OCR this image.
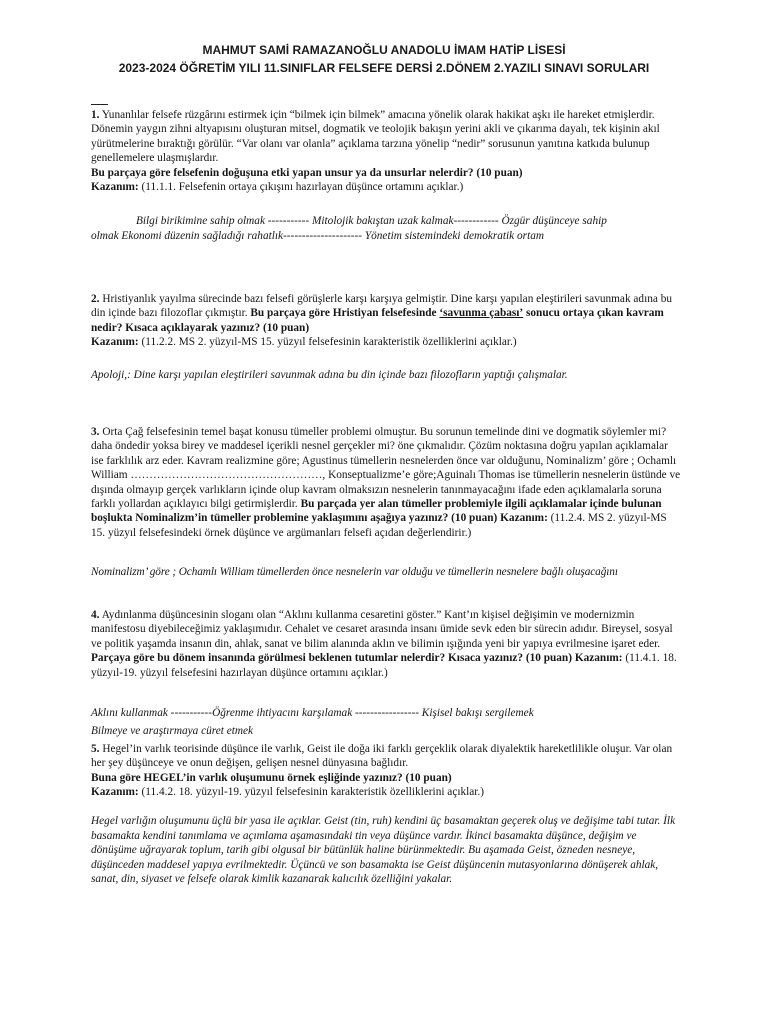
MAHMUT SAMİ RAMAZANOĞLU ANADOLU İMAM HATİP LİSESİ
2023-2024 ÖĞRETİM YILI 11.SINIFLAR FELSEFE DERSİ 2.DÖNEM 2.YAZILI SINAVI SORULARI
1. Yunanlılar felsefe rüzgârını estirmek için “bilmek için bilmek” amacına yönelik olarak hakikat aşkı ile hareket etmişlerdir. Dönemin yaygın zihni altyapısını oluşturan mitsel, dogmatik ve teolojik bakışın yerini akli ve çıkarıma dayalı, tek kişinin akıl yürütmelerine bıraktığı görülür. “Var olanı var olanla” açıklama tarzına yönelip “nedir” sorusunun yanıtına katkıda bulunup genellemelere ulaşmışlardır.
Bu parçaya göre felsefenin doğuşuna etki yapan unsur ya da unsurlar nelerdir? (10 puan)
Kazanım: (11.1.1. Felsefenin ortaya çıkışını hazırlayan düşünce ortamını açıklar.)
Bilgi birikimine sahip olmak ----------- Mitolojik bakıştan uzak kalmak------------ Özgür düşünceye sahip
olmak Ekonomi düzenin sağladığı rahatlık--------------------- Yönetim sistemindeki demokratik ortam
2. Hristiyanlık yayılma sürecinde bazı felsefi görüşlerle karşı karşıya gelmiştir. Dine karşı yapılan eleştirileri savunmak adına bu din içinde bazı filozoflar çıkmıştır. Bu parçaya göre Hristiyan felsefesinde ‘savunma çabası’ sonucu ortaya çıkan kavram nedir? Kısaca açıklayarak yazınız? (10 puan)
Kazanım: (11.2.2. MS 2. yüzyıl-MS 15. yüzyıl felsefesinin karakteristik özelliklerini açıklar.)
Apoloji,: Dine karşı yapılan eleştirileri savunmak adına bu din içinde bazı filozofların yaptığı çalışmalar.
3. Orta Çağ felsefesinin temel başat konusu tümeller problemi olmuştur. Bu sorunun temelinde dini ve dogmatik söylemler mi? daha öndedir yoksa birey ve maddesel içerikli nesnel gerçekler mi? öne çıkmalıdır. Çözüm noktasına doğru yapılan açıklamalar ise farklılık arz eder. Kavram realizmine göre; Agustinus tümellerin nesnelerden önce var olduğunu, Nominalizm’ göre ; Ochamlı William ……………………………………………, Konseptualizme’e göre;Aguinalı Thomas ise tümellerin nesnelerin üstünde ve dışında olmayıp gerçek varlıkların içinde olup kavram olmaksızın nesnelerin tanınmayacağını ifade eden açıklamalarla soruna farklı yollardan açıklayıcı bilgi getirmişlerdir. Bu parçada yer alan tümeller problemiyle ilgili açıklamalar içinde bulunan boşlukta Nominalizm’in tümeller problemine yaklaşımını aşağıya yazınız? (10 puan) Kazanım: (11.2.4. MS 2. yüzyıl-MS 15. yüzyıl felsefesindeki örnek düşünce ve argümanları felsefi açıdan değerlendirir.)
Nominalizm’ göre ; Ochamlı William tümellerden önce nesnelerin var olduğu ve tümellerin nesnelere bağlı oluşacağını
4. Aydınlanma düşüncesinin sloganı olan “Aklını kullanma cesaretini göster.” Kant’ın kişisel değişimin ve modernizmin manifestosu diyebileceğimiz yaklaşımıdır. Cehalet ve cesaret arasında insanı ümide sevk eden bir sürecin adıdır. Bireysel, sosyal ve politik yaşamda insanın din, ahlak, sanat ve bilim alanında aklın ve bilimin ışığında yeni bir yapıya evrilmesine işaret eder.
Parçaya göre bu dönem insanında görülmesi beklenen tutumlar nelerdir? Kısaca yazınız? (10 puan) Kazanım: (11.4.1. 18. yüzyıl-19. yüzyıl felsefesini hazırlayan düşünce ortamını açıklar.)
Aklını kullanmak -----------Öğrenme ihtiyacını karşılamak ----------------- Kişisel bakışı sergilemek
Bilmeye ve araştırmaya cüret etmek
5. Hegel’in varlık teorisinde düşünce ile varlık, Geist ile doğa iki farklı gerçeklik olarak diyalektik hareketlilikle oluşur. Var olan her şey düşünceye ve onun değişen, gelişen nesnel dünyasına bağlıdır.
Buna göre HEGEL’in varlık oluşumunu örnek eşliğinde yazınız? (10 puan)
Kazanım: (11.4.2. 18. yüzyıl-19. yüzyıl felsefesinin karakteristik özelliklerini açıklar.)
Hegel varlığın oluşumunu üçlü bir yasa ile açıklar. Geist (tin, ruh) kendini üç basamaktan geçerek oluş ve değişime tabi tutar. İlk basamakta kendini tanımlama ve açımlama aşamasındaki tin veya düşünce vardır. İkinci basamakta düşünce, değişim ve dönüşüme uğrayarak toplum, tarih gibi olgusal bir bütünlük haline bürünmektedir. Bu aşamada Geist, özneden nesneye, düşünceden maddesel yapıya evrilmektedir. Üçüncü ve son basamakta ise Geist düşüncenin mutasyonlarına dönüşerek ahlak, sanat, din, siyaset ve felsefe olarak kimlik kazanarak kalıcılık özelliğini yakalar.
